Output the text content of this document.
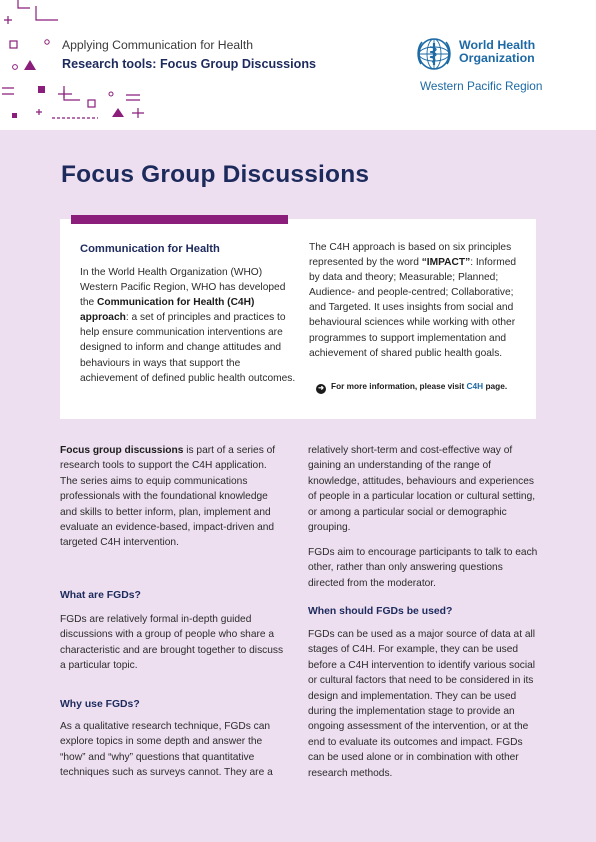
Applying Communication for Health
Research tools: Focus Group Discussions
World Health
Organization
Western Pacific Region
Focus Group Discussions
Communication for Health

In the World Health Organization (WHO) Western Pacific Region, WHO has developed the Communication for Health (C4H) approach: a set of principles and practices to help ensure communication interventions are designed to inform and change attitudes and behaviours in ways that support the achievement of defined public health outcomes.

The C4H approach is based on six principles represented by the word “IMPACT”: Informed by data and theory; Measurable; Planned; Audience- and people-centred; Collaborative; and Targeted. It uses insights from social and behavioural sciences while working with other programmes to support implementation and achievement of shared public health goals.

➜ For more information, please visit C4H page.

Focus group discussions is part of a series of research tools to support the C4H application. The series aims to equip communications professionals with the foundational knowledge and skills to better inform, plan, implement and evaluate an evidence-based, impact-driven and targeted C4H intervention.

What are FGDs?

FGDs are relatively formal in-depth guided discussions with a group of people who share a characteristic and are brought together to discuss a particular topic.

Why use FGDs?

As a qualitative research technique, FGDs can explore topics in some depth and answer the “how” and “why” questions that quantitative techniques such as surveys cannot. They are a

relatively short-term and cost-effective way of gaining an understanding of the range of knowledge, attitudes, behaviours and experiences of people in a particular location or cultural setting, or among a particular social or demographic grouping.

FGDs aim to encourage participants to talk to each other, rather than only answering questions directed from the moderator.

When should FGDs be used?

FGDs can be used as a major source of data at all stages of C4H. For example, they can be used before a C4H intervention to identify various social or cultural factors that need to be considered in its design and implementation. They can be used during the implementation stage to provide an ongoing assessment of the intervention, or at the end to evaluate its outcomes and impact. FGDs can be used alone or in combination with other research methods.
